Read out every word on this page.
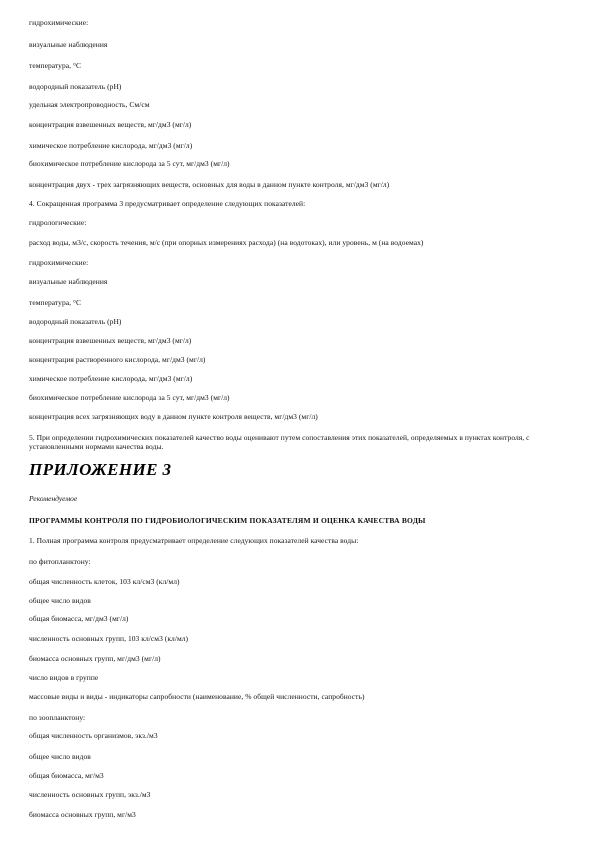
гидрохимические:
визуальные наблюдения
температура, °С
водородный показатель (рН)
удельная электропроводность, См/см
концентрация взвешенных веществ, мг/дм3 (мг/л)
химическое потребление кислорода, мг/дм3 (мг/л)
биохимическое потребление кислорода за 5 сут, мг/дм3 (мг/л)
концентрация двух - трех загрязняющих веществ, основных для воды в данном пункте контроля, мг/дм3 (мг/л)
4. Сокращенная программа 3 предусматривает определение следующих показателей:
гидрологические:
расход воды, м3/с, скорость течения, м/с (при опорных измерениях расхода) (на водотоках), или уровень, м (на водоемах)
гидрохимические:
визуальные наблюдения
температура, °С
водородный показатель (рН)
концентрация взвешенных веществ, мг/дм3 (мг/л)
концентрация растворенного кислорода, мг/дм3 (мг/л)
химическое потребление кислорода, мг/дм3 (мг/л)
биохимическое потребление кислорода за 5 сут, мг/дм3 (мг/л)
концентрация всех загрязняющих воду в данном пункте контроля веществ, мг/дм3 (мг/л)
5. При определении гидрохимических показателей качество воды оценивают путем сопоставления этих показателей, определяемых в пунктах контроля, с установленными нормами качества воды.
ПРИЛОЖЕНИЕ 3
Рекомендуемое
ПРОГРАММЫ КОНТРОЛЯ ПО ГИДРОБИОЛОГИЧЕСКИМ ПОКАЗАТЕЛЯМ И ОЦЕНКА КАЧЕСТВА ВОДЫ
1. Полная программа контроля предусматривает определение следующих показателей качества воды:
по фитопланктону:
общая численность клеток, 103 кл/см3 (кл/мл)
общее число видов
общая биомасса, мг/дм3 (мг/л)
численность основных групп, 103 кл/см3 (кл/мл)
биомасса основных групп, мг/дм3 (мг/л)
число видов в группе
массовые виды и виды - индикаторы сапробности (наименование, % общей численности, сапробность)
по зоопланктону:
общая численность организмов, экз./м3
общее число видов
общая биомасса, мг/м3
численность основных групп, экз./м3
биомасса основных групп, мг/м3
